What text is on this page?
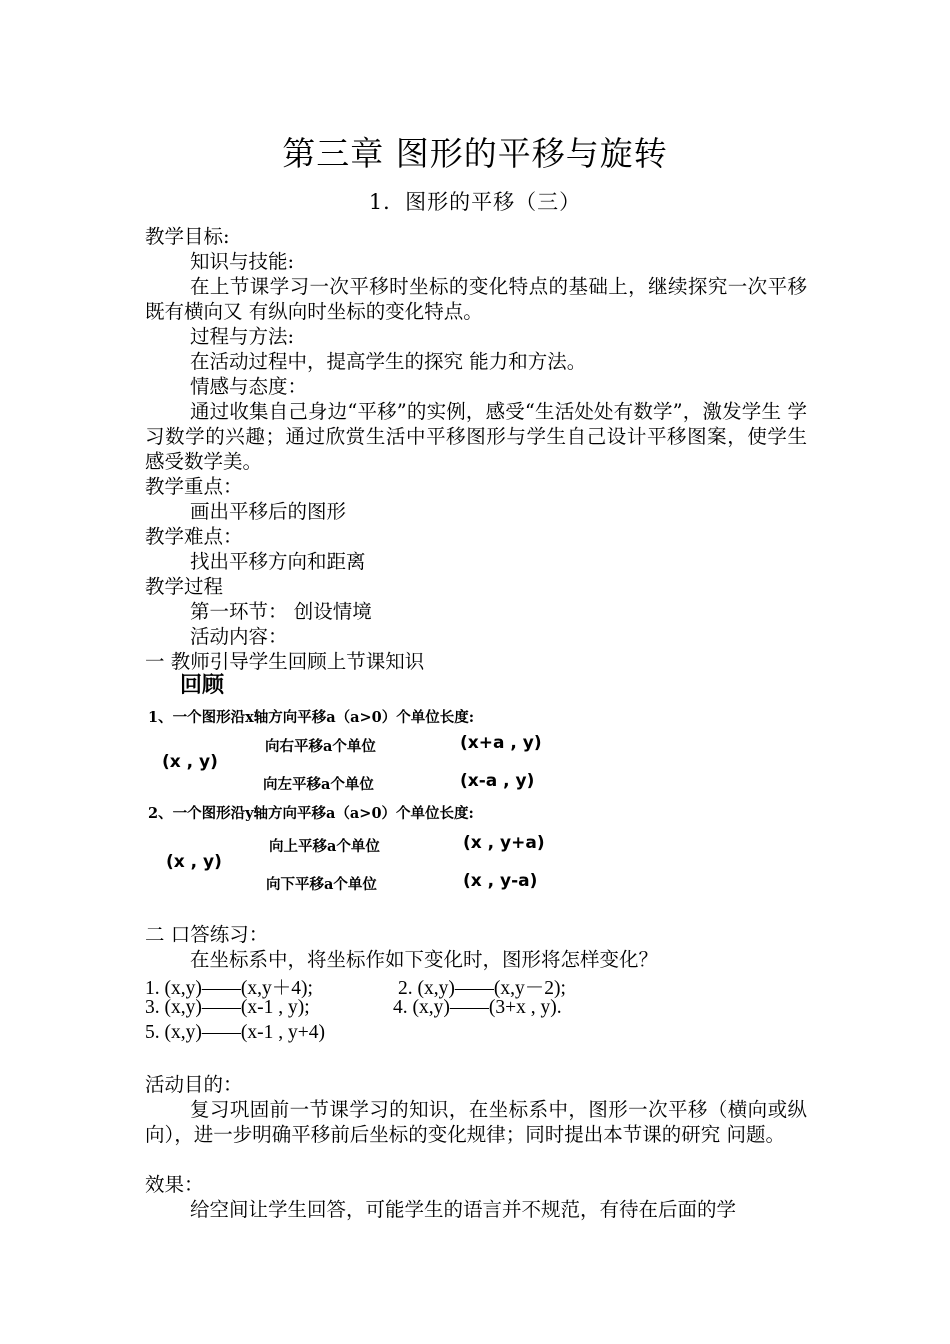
第三章 图形的平移与旋转
1．图形的平移（三）
教学目标:
知识与技能:
在上节课学习一次平移时坐标的变化特点的基础上，继续探究一次平移既有横向又 有纵向时坐标的变化特点。
过程与方法:
在活动过程中，提高学生的探究 能力和方法。
情感与态度：
通过收集自己身边“平移”的实例，感受“生活处处有数学”，激发学生 学习数学的兴趣；通过欣赏生活中平移图形与学生自己设计平移图案，使学生感受数学美。
教学重点：
画出平移后的图形
教学难点：
找出平移方向和距离
教学过程
第一环节： 创设情境
活动内容：
一 教师引导学生回顾上节课知识
回顾
1、一个图形沿x轴方向平移a（a>0）个单位长度:
(x , y)
向右平移a个单位	(x+a , y)
向左平移a个单位	(x-a , y)
2、一个图形沿y轴方向平移a（a>0）个单位长度:
(x , y)
向上平移a个单位	(x , y+a)
向下平移a个单位	(x , y-a)
二 口答练习：
在坐标系中，将坐标作如下变化时，图形将怎样变化？
1. (x,y)——(x,y＋4);	2. (x,y)——(x,y－2);
3. (x,y)——(x-1 , y);	4. (x,y)——(3+x , y).
5. (x,y)——(x-1 , y+4)
活动目的：
复习巩固前一节课学习的知识，在坐标系中，图形一次平移（横向或纵向），进一步明确平移前后坐标的变化规律；同时提出本节课的研究 问题。
效果：
给空间让学生回答，可能学生的语言并不规范，有待在后面的学
